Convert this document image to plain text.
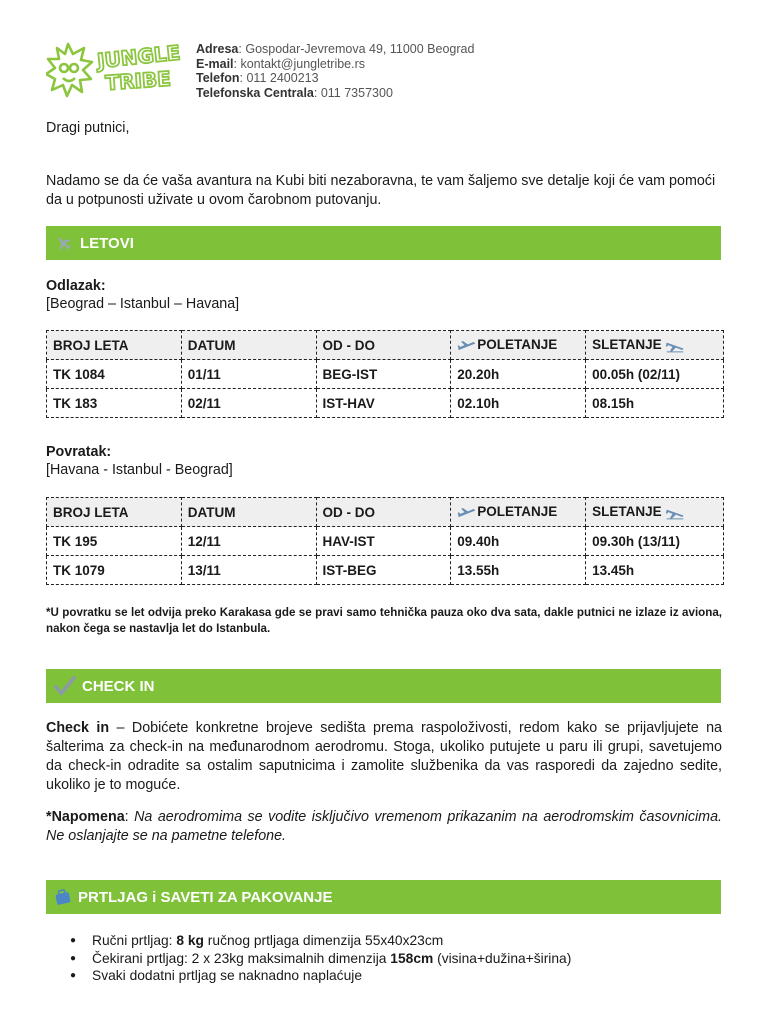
JUNGLE
TRIBE
Adresa: Gospodar-Jevremova 49, 11000 Beograd
E-mail: kontakt@jungletribe.rs
Telefon: 011 2400213
Telefonska Centrala: 011 7357300
Dragi putnici,
Nadamo se da će vaša avantura na Kubi biti nezaboravna, te vam šaljemo sve detalje koji će vam pomoći da u potpunosti uživate u ovom čarobnom putovanju.
LETOVI
Odlazak:
[Beograd – Istanbul – Havana]
BROJ LETA	DATUM	OD - DO	POLETANJE	SLETANJE
TK 1084	01/11	BEG-IST	20.20h	00.05h (02/11)
TK 183	02/11	IST-HAV	02.10h	08.15h
Povratak:
[Havana - Istanbul - Beograd]
BROJ LETA	DATUM	OD - DO	POLETANJE	SLETANJE
TK 195	12/11	HAV-IST	09.40h	09.30h (13/11)
TK 1079	13/11	IST-BEG	13.55h	13.45h
*U povratku se let odvija preko Karakasa gde se pravi samo tehnička pauza oko dva sata, dakle putnici ne izlaze iz aviona, nakon čega se nastavlja let do Istanbula.
CHECK IN
Check in – Dobićete konkretne brojeve sedišta prema raspoloživosti, redom kako se prijavljujete na šalterima za check-in na međunarodnom aerodromu. Stoga, ukoliko putujete u paru ili grupi, savetujemo da check-in odradite sa ostalim saputnicima i zamolite službenika da vas rasporedi da zajedno sedite, ukoliko je to moguće.
*Napomena: Na aerodromima se vodite isključivo vremenom prikazanim na aerodromskim časovnicima. Ne oslanjajte se na pametne telefone.
PRTLJAG i SAVETI ZA PAKOVANJE
● Ručni prtljag: 8 kg ručnog prtljaga dimenzija 55x40x23cm
● Čekirani prtljag: 2 x 23kg maksimalnih dimenzija 158cm (visina+dužina+širina)
● Svaki dodatni prtljag se naknadno naplaćuje
